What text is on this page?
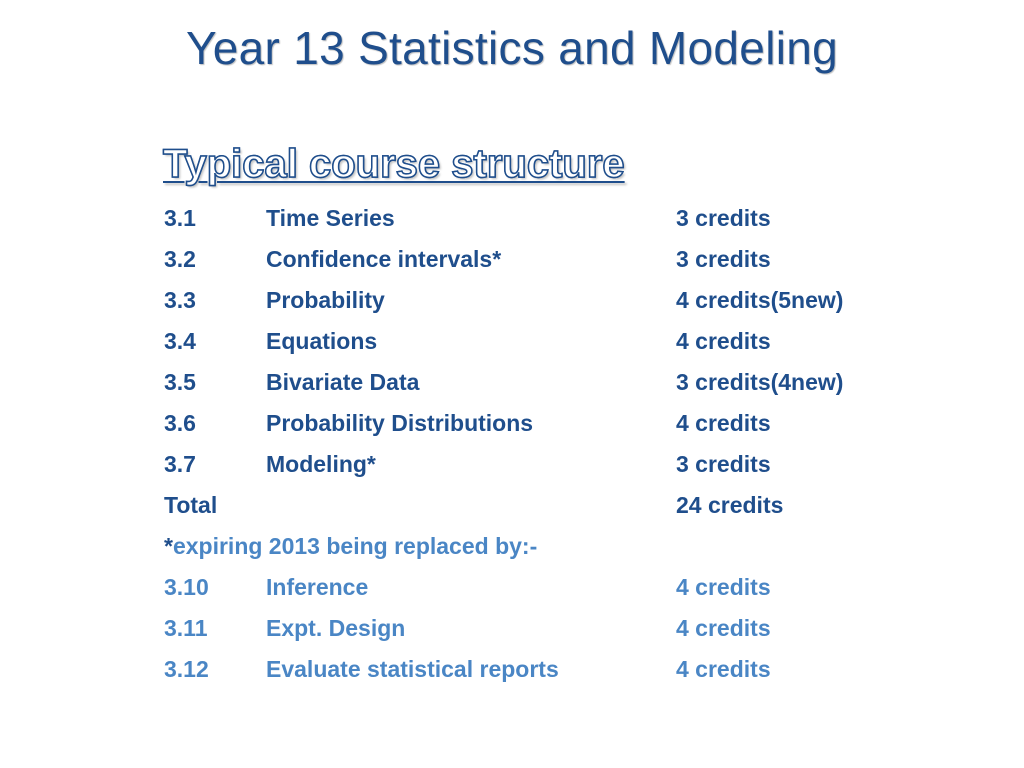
Year 13 Statistics and Modeling
Typical course structure
3.1	Time Series	3 credits
3.2	Confidence intervals*	3 credits
3.3	Probability	4 credits(5new)
3.4	Equations	4 credits
3.5	Bivariate Data	3 credits(4new)
3.6	Probability Distributions	4 credits
3.7	Modeling*	3 credits
Total	24 credits
*expiring 2013 being replaced by:-
3.10 Inference	4 credits
3.11	Expt. Design	4 credits
3.12 Evaluate statistical reports	4 credits
